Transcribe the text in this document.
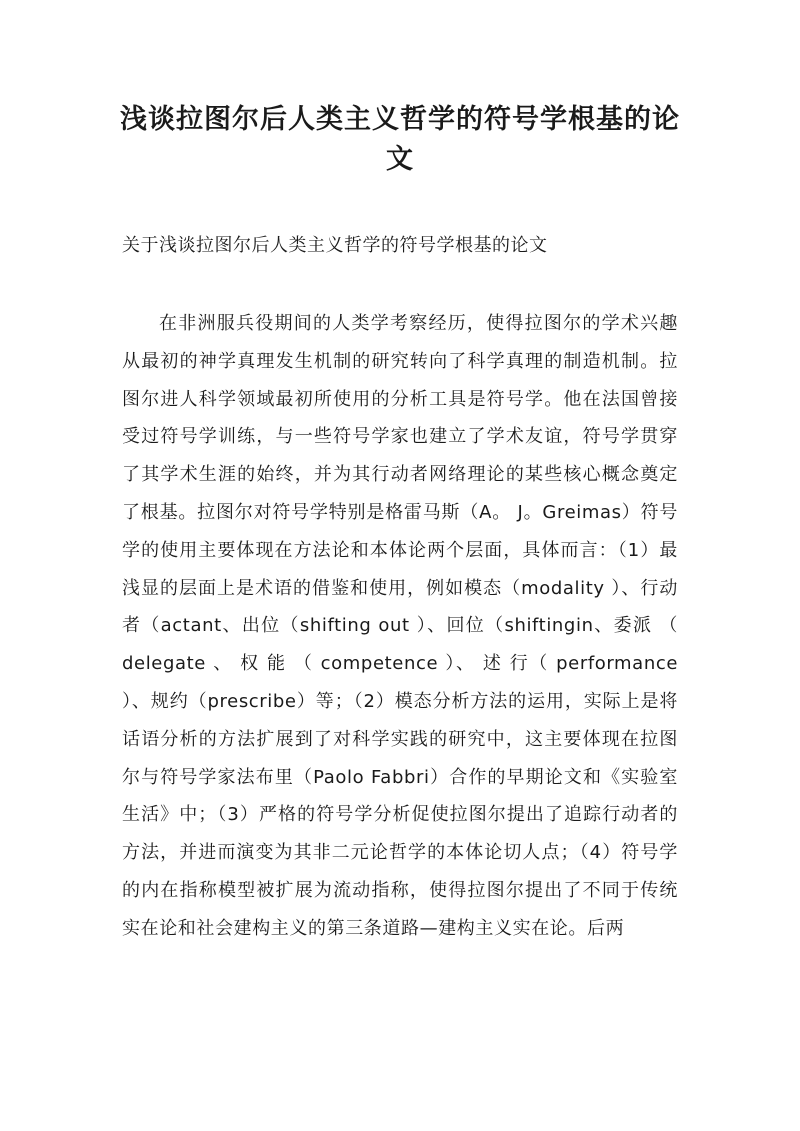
浅谈拉图尔后人类主义哲学的符号学根基的论文

关于浅谈拉图尔后人类主义哲学的符号学根基的论文

在非洲服兵役期间的人类学考察经历，使得拉图尔的学术兴趣从最初的神学真理发生机制的研究转向了科学真理的制造机制。拉图尔进人科学领域最初所使用的分析工具是符号学。他在法国曾接受过符号学训练，与一些符号学家也建立了学术友谊，符号学贯穿了其学术生涯的始终，并为其行动者网络理论的某些核心概念奠定了根基。拉图尔对符号学特别是格雷马斯（A。 J。Greimas）符号学的使用主要体现在方法论和本体论两个层面，具体而言：（1）最浅显的层面上是术语的借鉴和使用，例如模态（modality ）、行动者（actant、出位（shifting out ）、回位（shiftingin、委派 （ delegate 、 权 能 （ competence ）、 述 行（ performance ）、规约（prescribe）等；（2）模态分析方法的运用，实际上是将话语分析的方法扩展到了对科学实践的研究中，这主要体现在拉图尔与符号学家法布里（Paolo Fabbri）合作的早期论文和《实验室生活》中；（3）严格的符号学分析促使拉图尔提出了追踪行动者的方法，并进而演变为其非二元论哲学的本体论切人点；（4）符号学的内在指称模型被扩展为流动指称，使得拉图尔提出了不同于传统实在论和社会建构主义的第三条道路—建构主义实在论。后两
